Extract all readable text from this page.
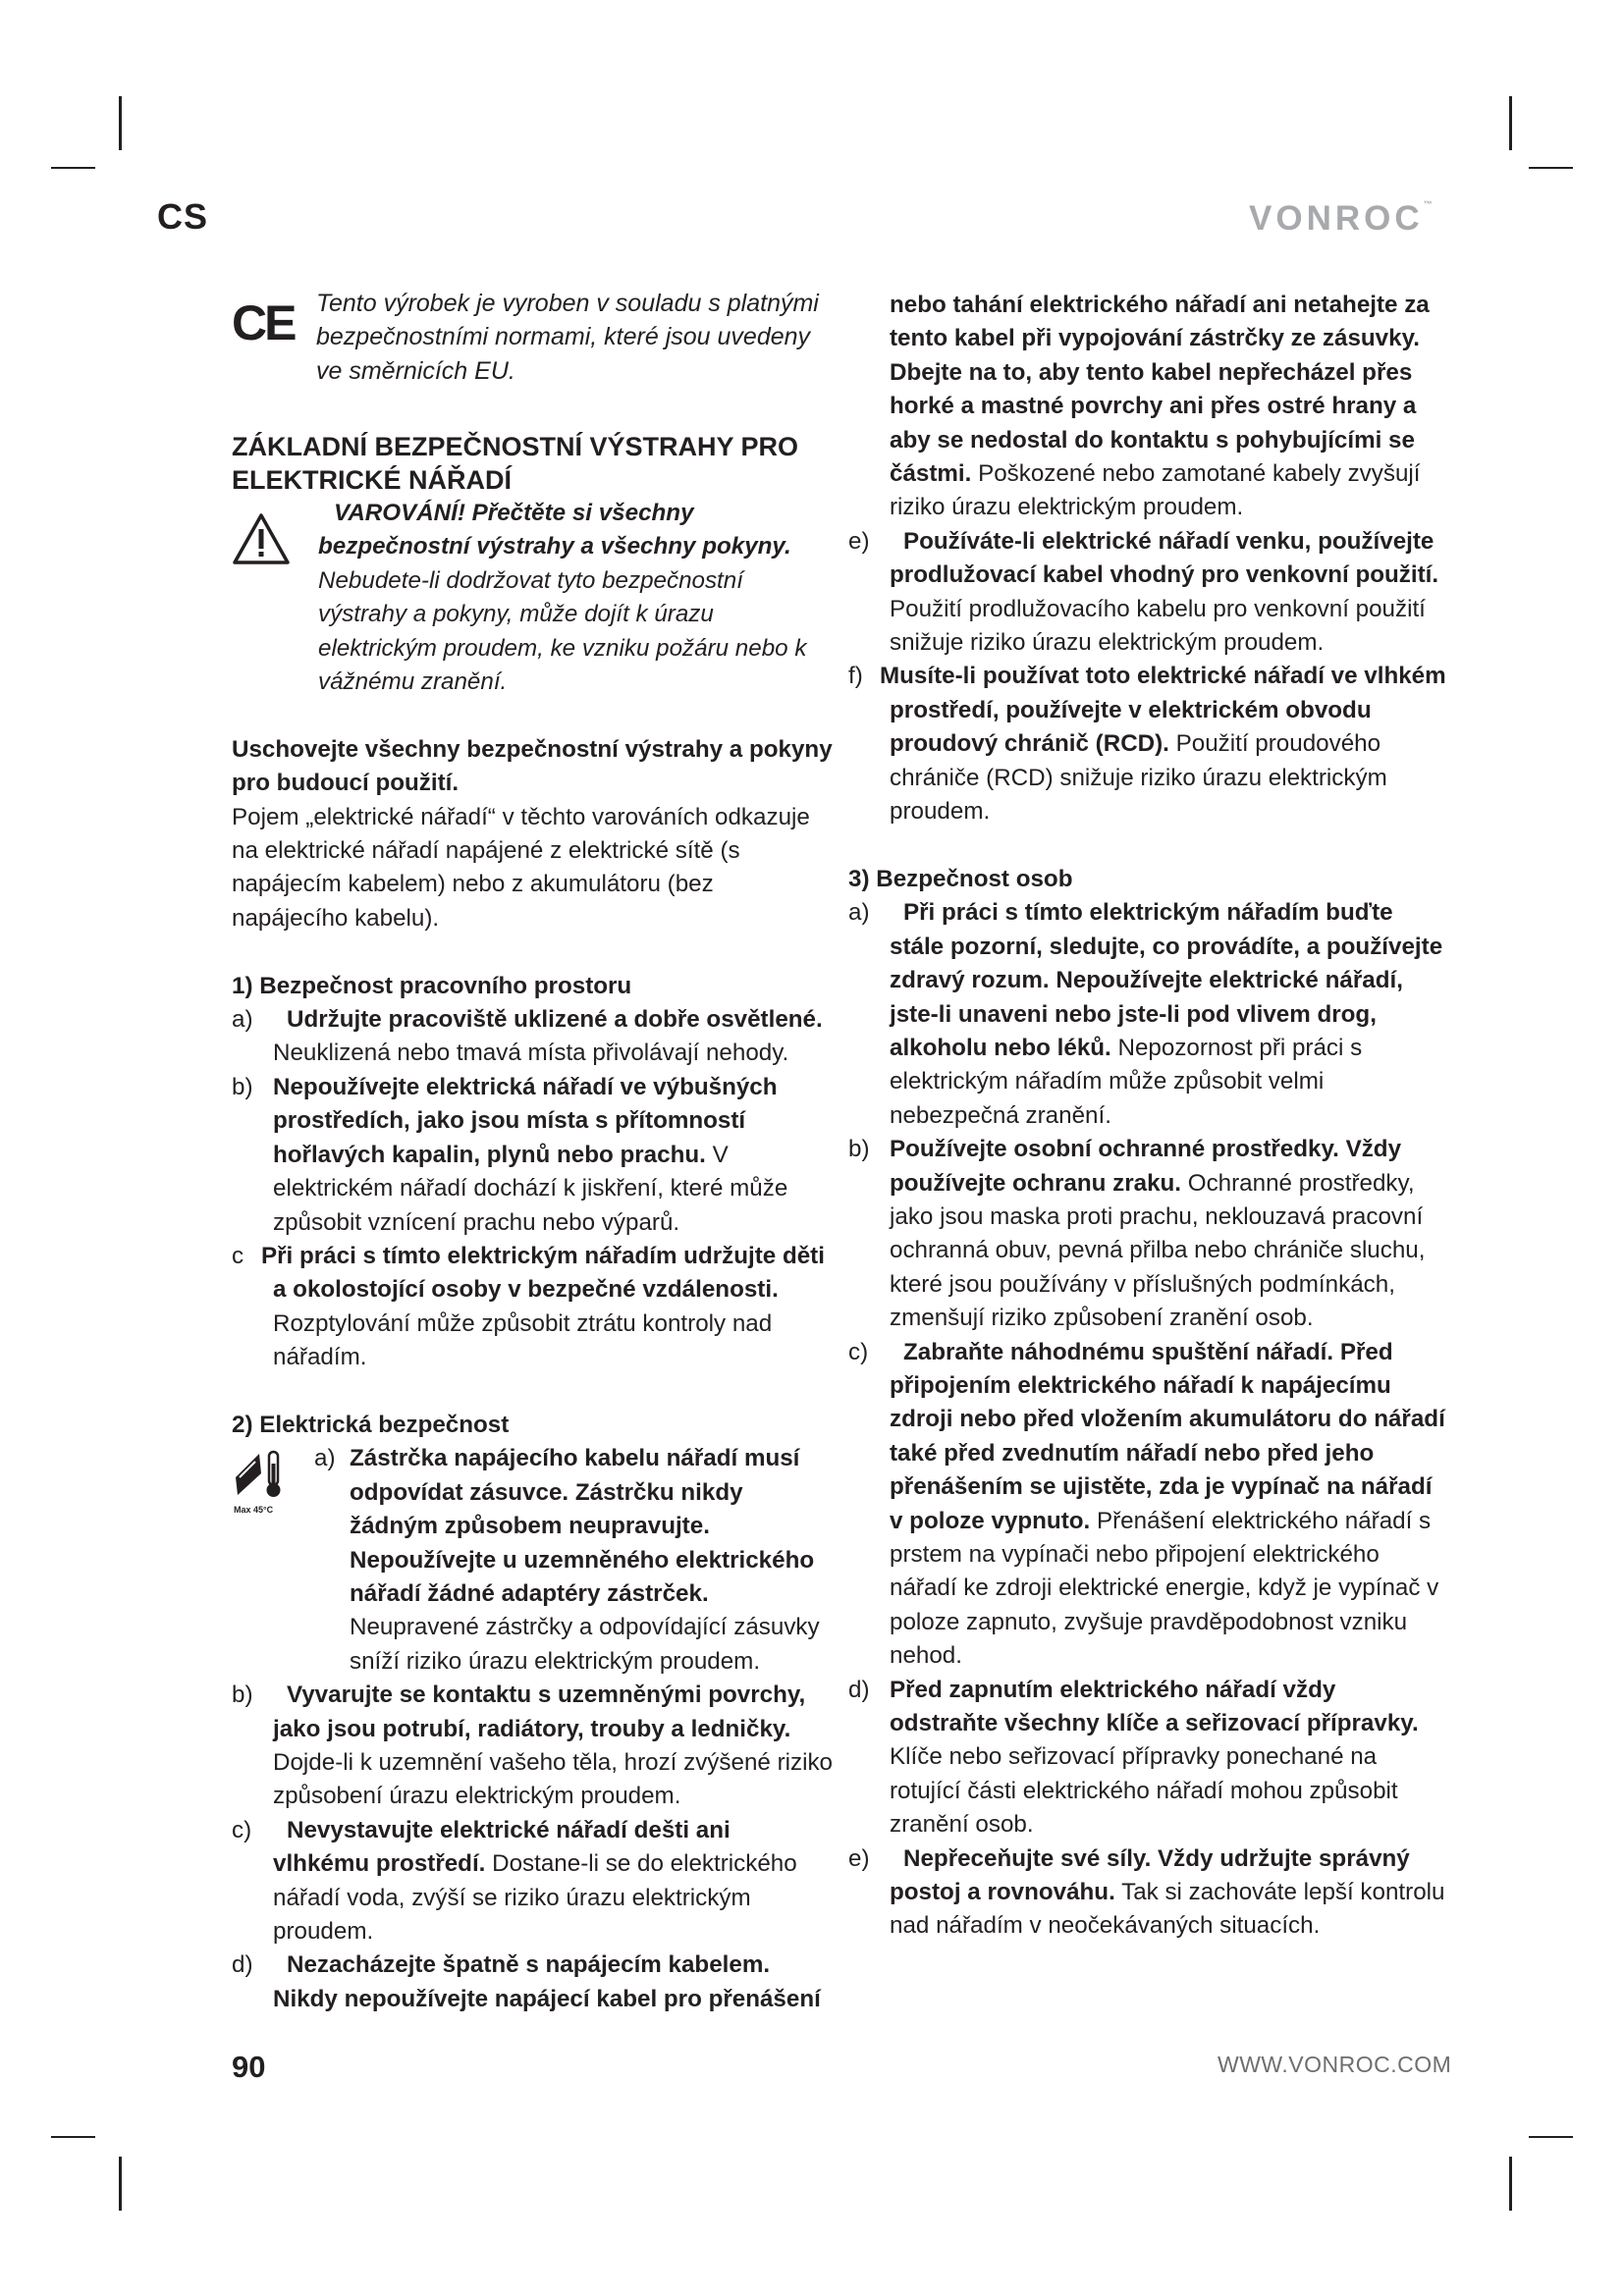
CS	VONROC™
CE Tento výrobek je vyroben v souladu s platnými bezpečnostními normami, které jsou uvedeny ve směrnicích EU.

ZÁKLADNÍ BEZPEČNOSTNÍ VÝSTRAHY PRO ELEKTRICKÉ NÁŘADÍ

VAROVÁNÍ! Přečtěte si všechny bezpečnostní výstrahy a všechny pokyny. Nebudete-li dodržovat tyto bezpečnostní výstrahy a pokyny, může dojít k úrazu elektrickým proudem, ke vzniku požáru nebo k vážnému zranění.

Uschovejte všechny bezpečnostní výstrahy a pokyny pro budoucí použití.

Pojem „elektrické nářadí“ v těchto varováních odkazuje na elektrické nářadí napájené z elektrické sítě (s napájecím kabelem) nebo z akumulátoru (bez napájecího kabelu).

1) Bezpečnost pracovního prostoru

a)	Udržujte pracoviště uklizené a dobře osvětlené. Neuklizená nebo tmavá místa přivolávají nehody.

b) Nepoužívejte elektrická nářadí ve výbušných prostředích, jako jsou místa s přítomností hořlavých kapalin, plynů nebo prachu. V elektrickém nářadí dochází k jiskření, které může způsobit vznícení prachu nebo výparů.

c Při práci s tímto elektrickým nářadím udržujte děti a okolostojící osoby v bezpečné vzdálenosti. Rozptylování může způsobit ztrátu kontroly nad nářadím.

2) Elektrická bezpečnost

Max 45°C
a) Zástrčka napájecího kabelu nářadí musí odpovídat zásuvce. Zástrčku nikdy žádným způsobem neupravujte. Nepoužívejte u uzemněného elektrického nářadí žádné adaptéry zástrček. Neupravené zástrčky a odpovídající zásuvky sníží riziko úrazu elektrickým proudem.

b)	Vyvarujte se kontaktu s uzemněnými povrchy, jako jsou potrubí, radiátory, trouby a ledničky. Dojde-li k uzemnění vašeho těla, hrozí zvýšené riziko způsobení úrazu elektrickým proudem.

c)	Nevystavujte elektrické nářadí dešti ani vlhkému prostředí. Dostane-li se do elektrického nářadí voda, zvýší se riziko úrazu elektrickým proudem.

d)	Nezacházejte špatně s napájecím kabelem. Nikdy nepoužívejte napájecí kabel pro přenášení

nebo tahání elektrického nářadí ani netahejte za tento kabel při vypojování zástrčky ze zásuvky. Dbejte na to, aby tento kabel nepřecházel přes horké a mastné povrchy ani přes ostré hrany a aby se nedostal do kontaktu s pohybujícími se částmi. Poškozené nebo zamotané kabely zvyšují riziko úrazu elektrickým proudem.

e)	Používáte-li elektrické nářadí venku, používejte prodlužovací kabel vhodný pro venkovní použití. Použití prodlužovacího kabelu pro venkovní použití snižuje riziko úrazu elektrickým proudem.

f) Musíte-li používat toto elektrické nářadí ve vlhkém prostředí, používejte v elektrickém obvodu proudový chránič (RCD). Použití proudového chrániče (RCD) snižuje riziko úrazu elektrickým proudem.

3) Bezpečnost osob

a)	Při práci s tímto elektrickým nářadím buďte stále pozorní, sledujte, co provádíte, a používejte zdravý rozum. Nepoužívejte elektrické nářadí, jste-li unaveni nebo jste-li pod vlivem drog, alkoholu nebo léků. Nepozornost při práci s elektrickým nářadím může způsobit velmi nebezpečná zranění.

b) Používejte osobní ochranné prostředky. Vždy používejte ochranu zraku. Ochranné prostředky, jako jsou maska proti prachu, neklouzavá pracovní ochranná obuv, pevná přilba nebo chrániče sluchu, které jsou používány v příslušných podmínkách, zmenšují riziko způsobení zranění osob.

c)	Zabraňte náhodnému spuštění nářadí. Před připojením elektrického nářadí k napájecímu zdroji nebo před vložením akumulátoru do nářadí také před zvednutím nářadí nebo před jeho přenášením se ujistěte, zda je vypínač na nářadí v poloze vypnuto. Přenášení elektrického nářadí s prstem na vypínači nebo připojení elektrického nářadí ke zdroji elektrické energie, když je vypínač v poloze zapnuto, zvyšuje pravděpodobnost vzniku nehod.

d) Před zapnutím elektrického nářadí vždy odstraňte všechny klíče a seřizovací přípravky. Klíče nebo seřizovací přípravky ponechané na rotující části elektrického nářadí mohou způsobit zranění osob.

e)	Nepřeceňujte své síly. Vždy udržujte správný postoj a rovnováhu. Tak si zachováte lepší kontrolu nad nářadím v neočekávaných situacích.

90	WWW.VONROC.COM
